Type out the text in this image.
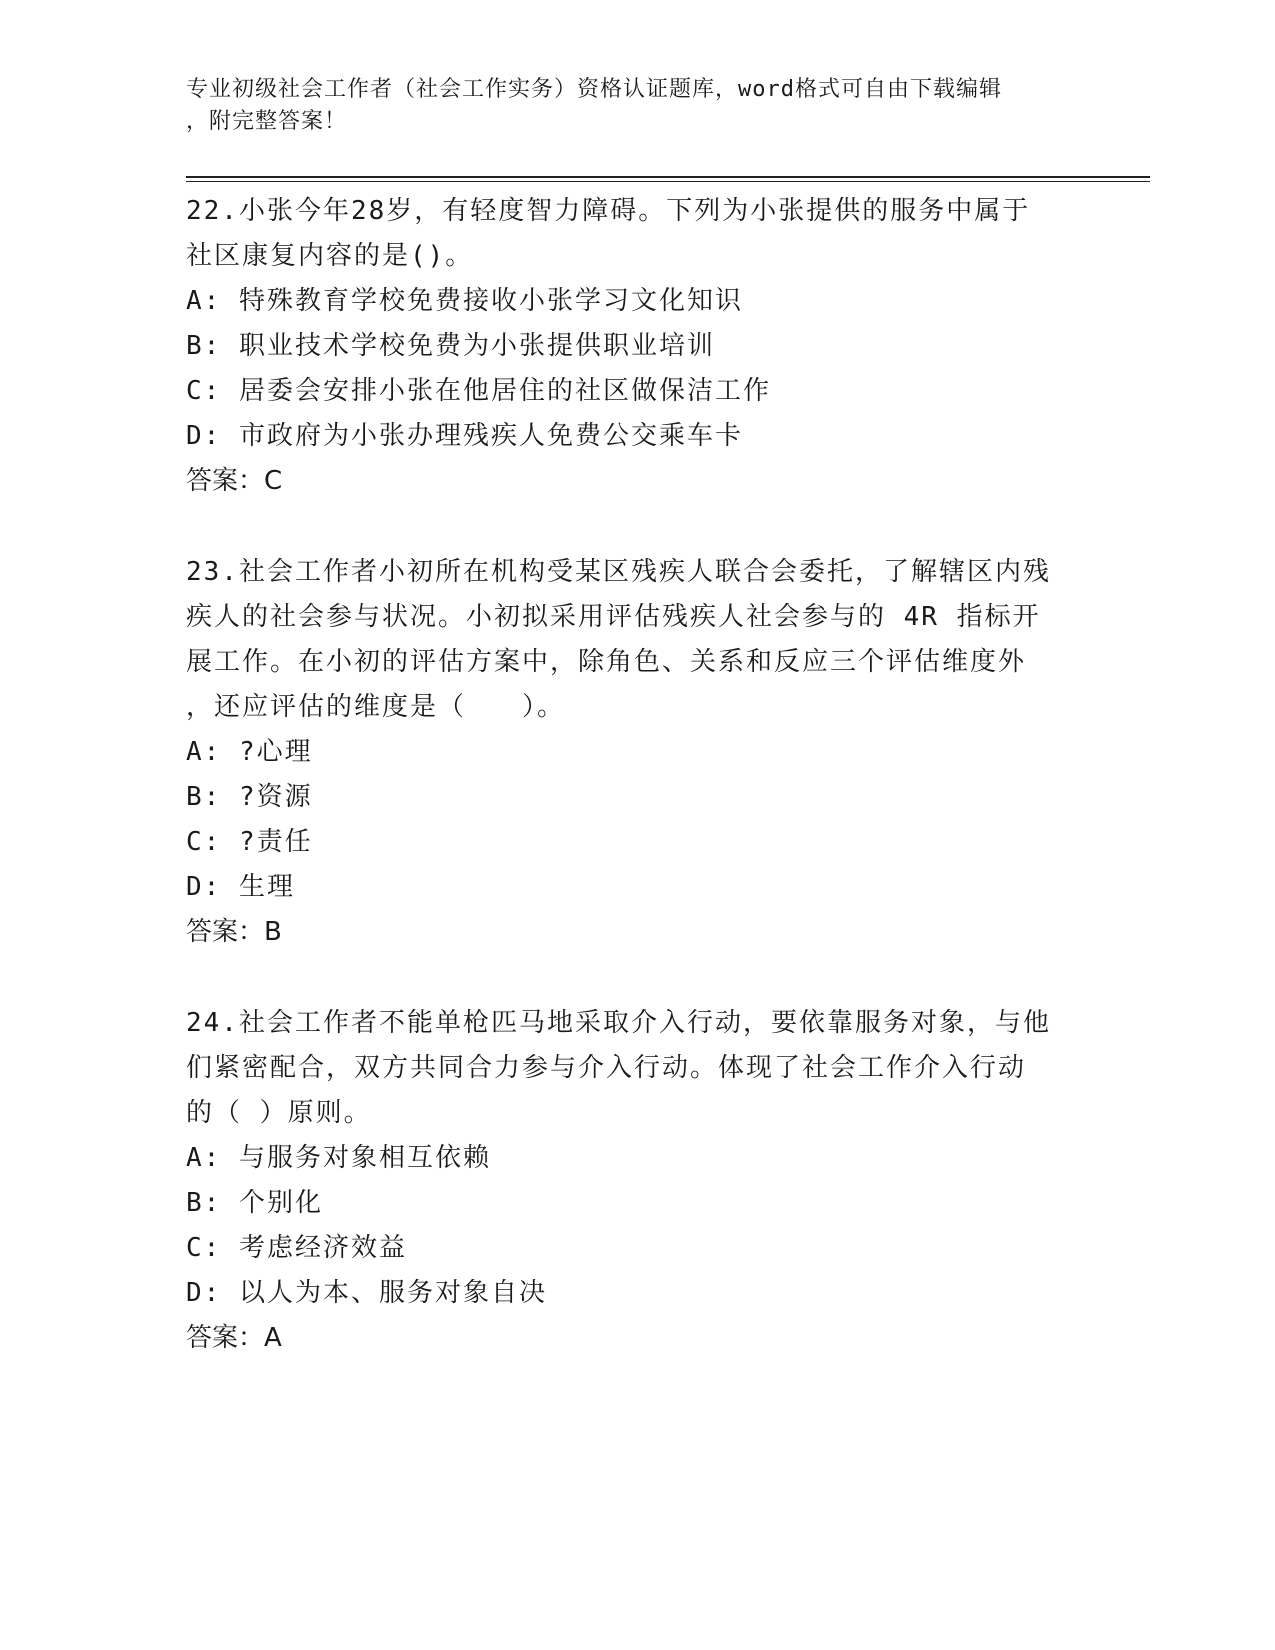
专业初级社会工作者（社会工作实务）资格认证题库，word格式可自由下载编辑
，附完整答案！

22.小张今年28岁，有轻度智力障碍。下列为小张提供的服务中属于

社区康复内容的是()。

A: 特殊教育学校免费接收小张学习文化知识

B: 职业技术学校免费为小张提供职业培训

C: 居委会安排小张在他居住的社区做保洁工作

D: 市政府为小张办理残疾人免费公交乘车卡

答案：C

23.社会工作者小初所在机构受某区残疾人联合会委托，了解辖区内残

疾人的社会参与状况。小初拟采用评估残疾人社会参与的 4R 指标开

展工作。在小初的评估方案中，除角色、关系和反应三个评估维度外

，还应评估的维度是（　　）。

A: ?心理

B: ?资源

C: ?责任

D: 生理

答案：B

24.社会工作者不能单枪匹马地采取介入行动，要依靠服务对象，与他

们紧密配合，双方共同合力参与介入行动。体现了社会工作介入行动

的（ ）原则。

A: 与服务对象相互依赖

B: 个别化

C: 考虑经济效益

D: 以人为本、服务对象自决

答案：A
